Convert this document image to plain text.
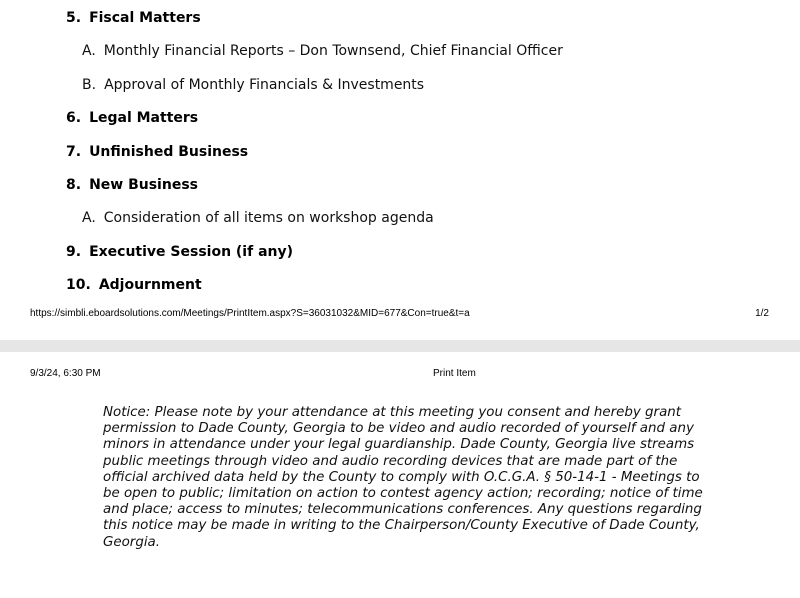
5. Fiscal Matters
A. Monthly Financial Reports – Don Townsend, Chief Financial Officer
B. Approval of Monthly Financials & Investments
6. Legal Matters
7. Unfinished Business
8. New Business
A. Consideration of all items on workshop agenda
9. Executive Session (if any)
10. Adjournment
https://simbli.eboardsolutions.com/Meetings/PrintItem.aspx?S=36031032&MID=677&Con=true&t=a	1/2
9/3/24, 6:30 PM	Print Item
Notice: Please note by your attendance at this meeting you consent and hereby grant permission to Dade County, Georgia to be video and audio recorded of yourself and any minors in attendance under your legal guardianship. Dade County, Georgia live streams public meetings through video and audio recording devices that are made part of the official archived data held by the County to comply with O.C.G.A. § 50-14-1 - Meetings to be open to public; limitation on action to contest agency action; recording; notice of time and place; access to minutes; telecommunications conferences. Any questions regarding this notice may be made in writing to the Chairperson/County Executive of Dade County, Georgia.
